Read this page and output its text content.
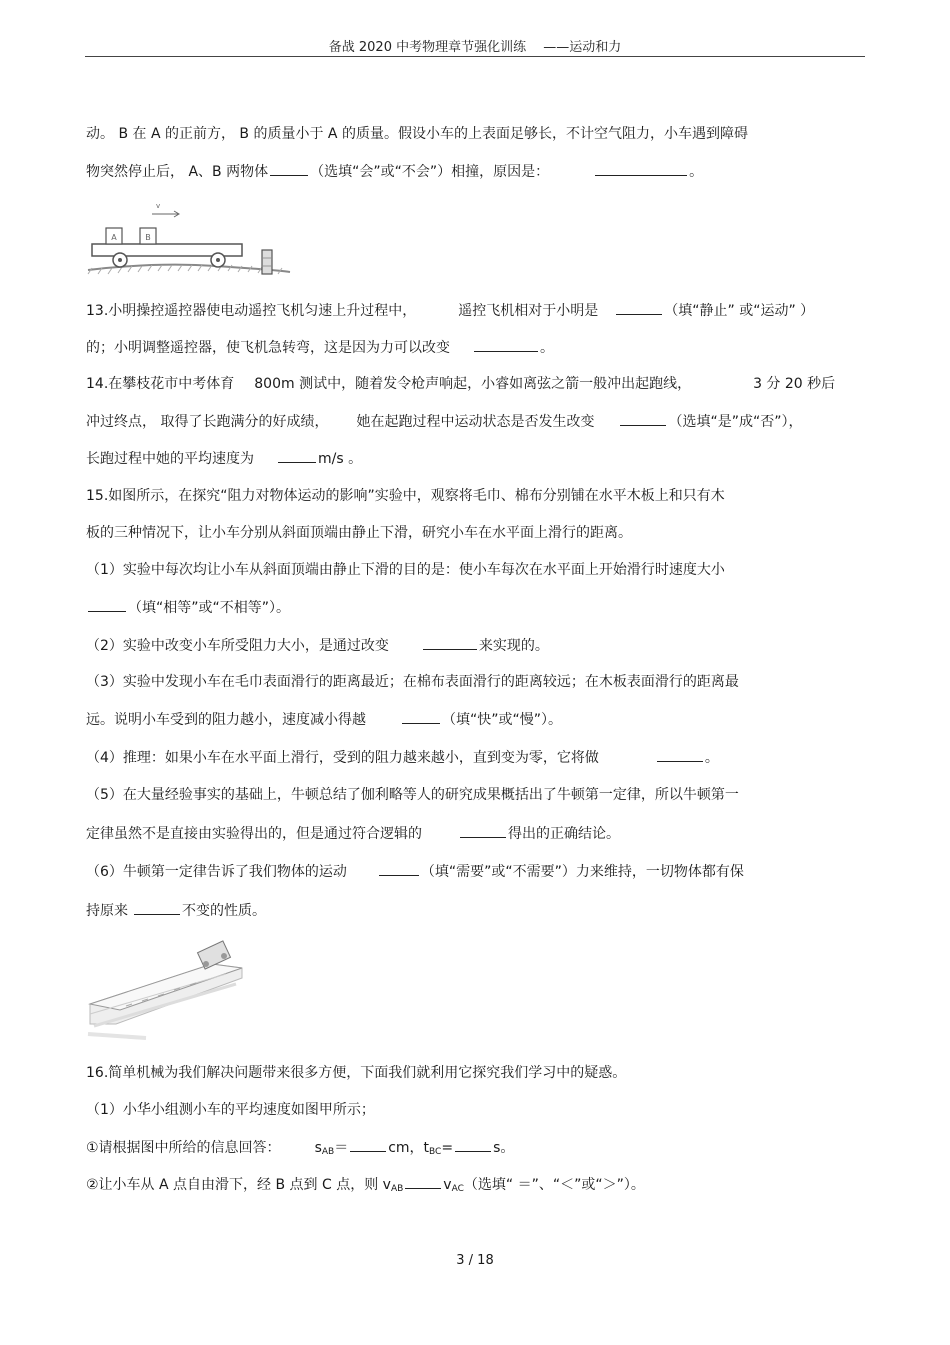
备战 2020 中考物理章节强化训练　 ——运动和力
动。 B 在 A 的正前方， B 的质量小于 A 的质量。假设小车的上表面足够长，不计空气阻力，小车遇到障碍
物突然停止后， A、B 两物体	（选填“会”或“不会”）相撞，原因是：	。
A	B
v
13.小明操控遥控器使电动遥控飞机匀速上升过程中，	遥控飞机相对于小明是	（填“静止” 或“运动” ）
的；小明调整遥控器，使飞机急转弯，这是因为力可以改变	。
14.在攀枝花市中考体育 800m 测试中，随着发令枪声响起，小睿如离弦之箭一般冲出起跑线，	3 分 20 秒后
冲过终点， 取得了长跑满分的好成绩， 她在起跑过程中运动状态是否发生改变	（选填“是”成“否”），
长跑过程中她的平均速度为	m/s 。
15.如图所示，在探究“阻力对物体运动的影响”实验中，观察将毛巾、棉布分别铺在水平木板上和只有木
板的三种情况下，让小车分别从斜面顶端由静止下滑，研究小车在水平面上滑行的距离。
（1）实验中每次均让小车从斜面顶端由静止下滑的目的是：使小车每次在水平面上开始滑行时速度大小
（填“相等”或“不相等”）。
（2）实验中改变小车所受阻力大小，是通过改变	来实现的。
（3）实验中发现小车在毛巾表面滑行的距离最近；在棉布表面滑行的距离较远；在木板表面滑行的距离最
远。说明小车受到的阻力越小，速度减小得越	（填“快”或“慢”）。
（4）推理：如果小车在水平面上滑行，受到的阻力越来越小，直到变为零，它将做	。
（5）在大量经验事实的基础上，牛顿总结了伽利略等人的研究成果概括出了牛顿第一定律，所以牛顿第一
定律虽然不是直接由实验得出的，但是通过符合逻辑的	得出的正确结论。
（6）牛顿第一定律告诉了我们物体的运动	（填“需要”或“不需要”）力来维持，一切物体都有保
持原来	不变的性质。
16.简单机械为我们解决问题带来很多方便，下面我们就利用它探究我们学习中的疑惑。
（1）小华小组测小车的平均速度如图甲所示；
①请根据图中所给的信息回答： $s_{AB}=$	cm，$t_{BC}=$	s。
②让小车从 A 点自由滑下，经 B 点到 C 点，则 $v_{AB}$	$v_{AC}$（选填“ ＝”、“＜”或“＞”）。
3 / 18
